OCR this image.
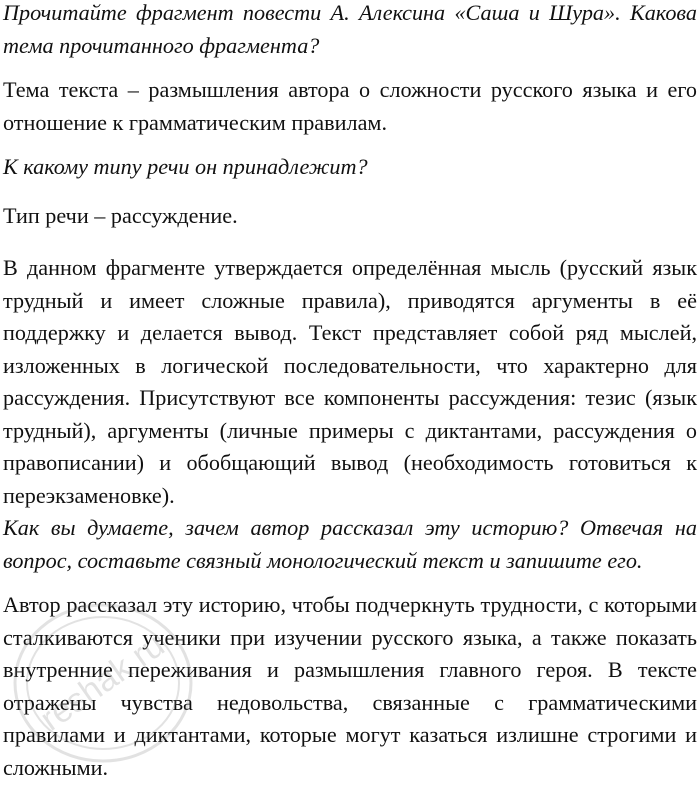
Прочитайте фрагмент повести А. Алексина «Саша и Шура». Какова тема прочитанного фрагмента?

Тема текста – размышления автора о сложности русского языка и его отношение к грамматическим правилам.

К какому типу речи он принадлежит?

Тип речи – рассуждение.

В данном фрагменте утверждается определённая мысль (русский язык трудный и имеет сложные правила), приводятся аргументы в её поддержку и делается вывод. Текст представляет собой ряд мыслей, изложенных в логической последовательности, что характерно для рассуждения. Присутствуют все компоненты рассуждения: тезис (язык трудный), аргументы (личные примеры с диктантами, рассуждения о правописании) и обобщающий вывод (необходимость готовиться к переэкзаменовке).

Как вы думаете, зачем автор рассказал эту историю? Отвечая на вопрос, составьте связный монологический текст и запишите его.

Автор рассказал эту историю, чтобы подчеркнуть трудности, с которыми сталкиваются ученики при изучении русского языка, а также показать внутренние переживания и размышления главного героя. В тексте отражены чувства недовольства, связанные с грамматическими правилами и диктантами, которые могут казаться излишне строгими и сложными.

reshak.ru
